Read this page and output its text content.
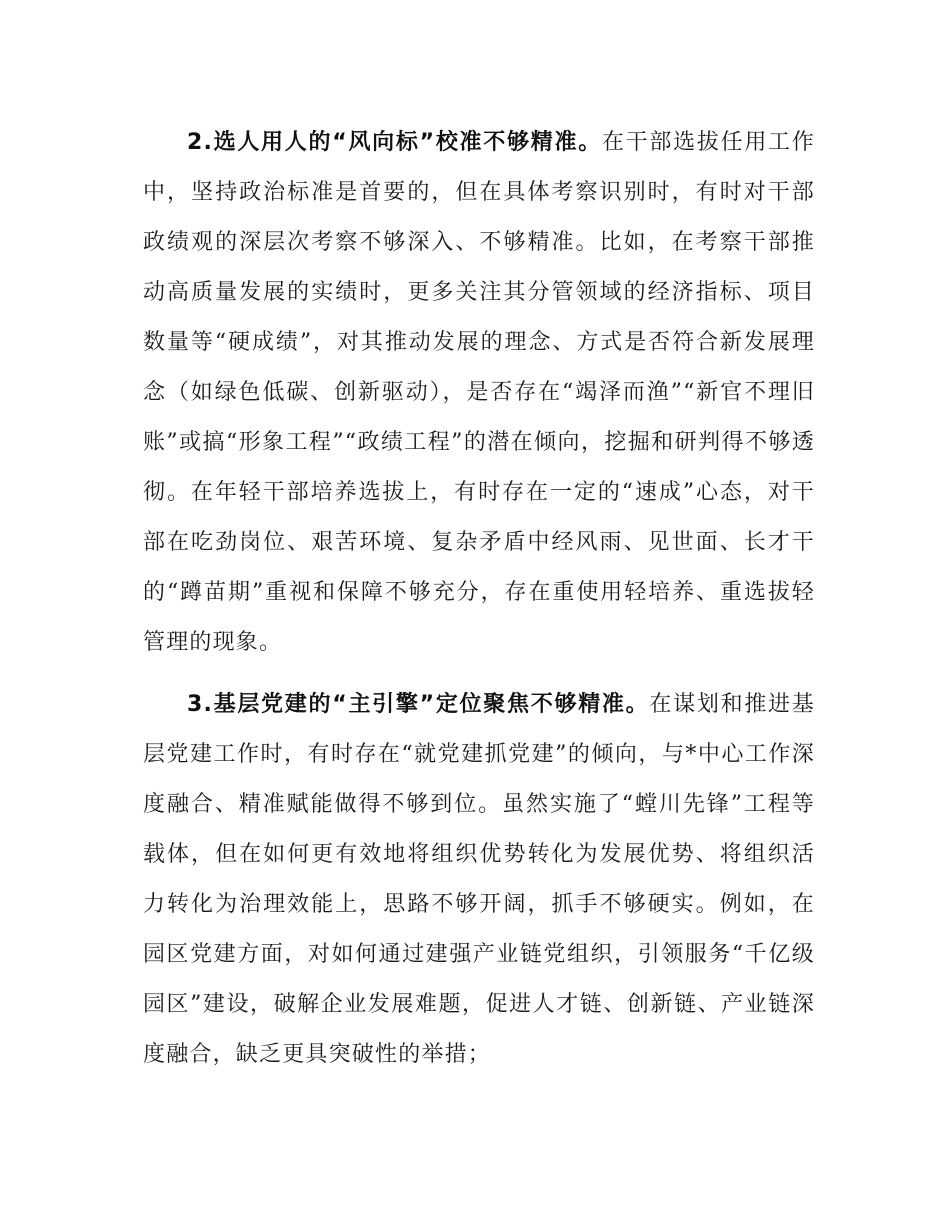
2.选人用人的“风向标”校准不够精准。在干部选拔任用工作中，坚持政治标准是首要的，但在具体考察识别时，有时对干部政绩观的深层次考察不够深入、不够精准。比如，在考察干部推动高质量发展的实绩时，更多关注其分管领域的经济指标、项目数量等“硬成绩”，对其推动发展的理念、方式是否符合新发展理念（如绿色低碳、创新驱动），是否存在“竭泽而渔”“新官不理旧账”或搞“形象工程”“政绩工程”的潜在倾向，挖掘和研判得不够透彻。在年轻干部培养选拔上，有时存在一定的“速成”心态，对干部在吃劲岗位、艰苦环境、复杂矛盾中经风雨、见世面、长才干的“蹲苗期”重视和保障不够充分，存在重使用轻培养、重选拔轻管理的现象。

3.基层党建的“主引擎”定位聚焦不够精准。在谋划和推进基层党建工作时，有时存在“就党建抓党建”的倾向，与*中心工作深度融合、精准赋能做得不够到位。虽然实施了“螳川先锋”工程等载体，但在如何更有效地将组织优势转化为发展优势、将组织活力转化为治理效能上，思路不够开阔，抓手不够硬实。例如，在园区党建方面，对如何通过建强产业链党组织，引领服务“千亿级园区”建设，破解企业发展难题，促进人才链、创新链、产业链深度融合，缺乏更具突破性的举措；
